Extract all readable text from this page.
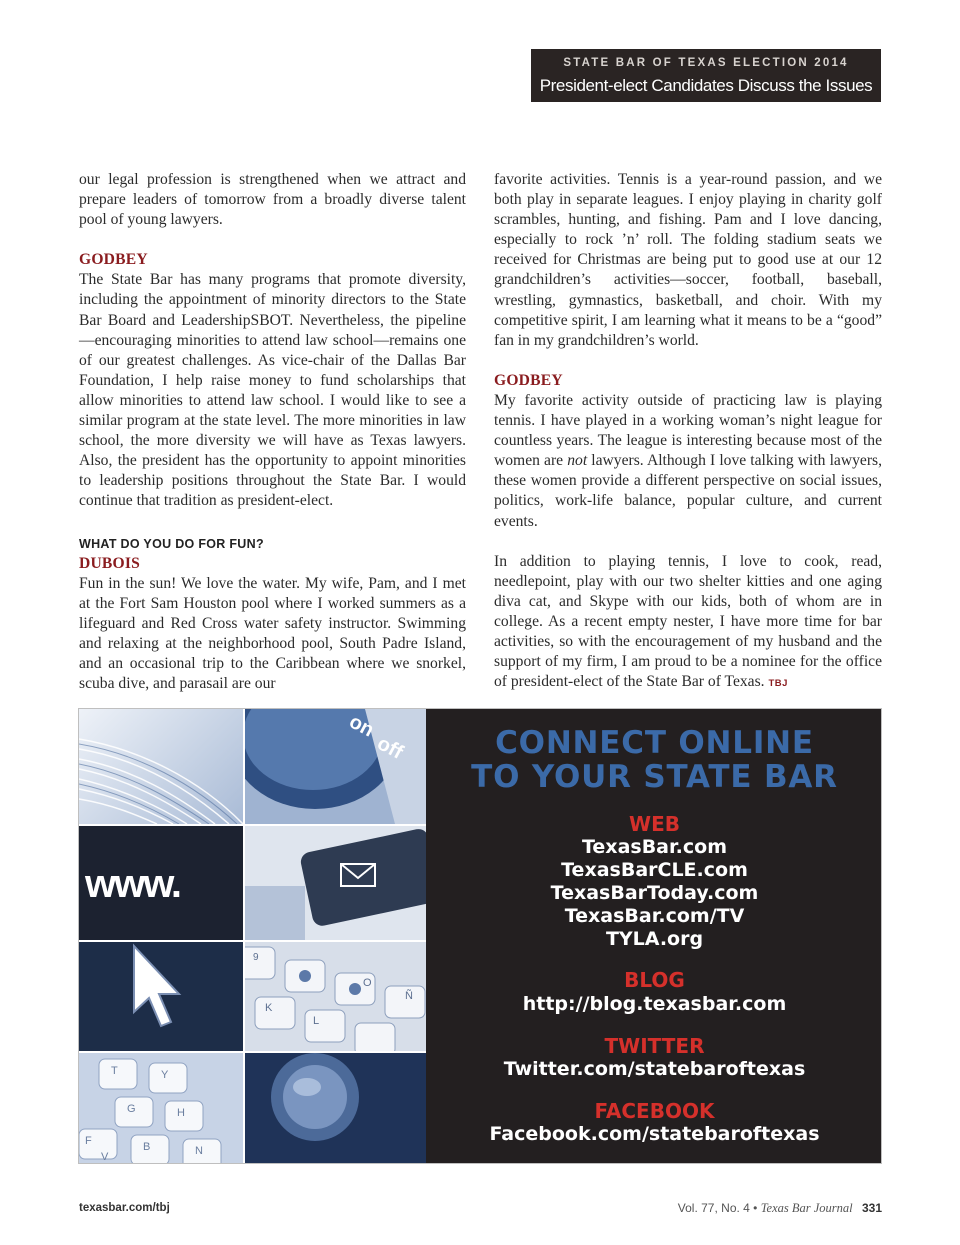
STATE BAR OF TEXAS ELECTION 2014
President-elect Candidates Discuss the Issues

our legal profession is strengthened when we attract and prepare leaders of tomorrow from a broadly diverse talent pool of young lawyers.

GODBEY

The State Bar has many programs that promote diversity, including the appointment of minority directors to the State Bar Board and LeadershipSBOT. Nevertheless, the pipeline—encouraging minorities to attend law school—remains one of our greatest challenges. As vice-chair of the Dallas Bar Foundation, I help raise money to fund scholarships that allow minorities to attend law school. I would like to see a similar program at the state level. The more minorities in law school, the more diversity we will have as Texas lawyers. Also, the president has the opportunity to appoint minorities to leadership positions throughout the State Bar. I would continue that tradition as president-elect.

WHAT DO YOU DO FOR FUN?
DUBOIS

Fun in the sun! We love the water. My wife, Pam, and I met at the Fort Sam Houston pool where I worked summers as a lifeguard and Red Cross water safety instructor. Swimming and relaxing at the neighborhood pool, South Padre Island, and an occasional trip to the Caribbean where we snorkel, scuba dive, and parasail are our

favorite activities. Tennis is a year-round passion, and we both play in separate leagues. I enjoy playing in charity golf scrambles, hunting, and fishing. Pam and I love dancing, especially to rock ’n’ roll. The folding stadium seats we received for Christmas are being put to good use at our 12 grandchildren’s activities—soccer, football, baseball, wrestling, gymnastics, basketball, and choir. With my competitive spirit, I am learning what it means to be a “good” fan in my grandchildren’s world.

GODBEY

My favorite activity outside of practicing law is playing tennis. I have played in a working woman’s night league for countless years. The league is interesting because most of the women are not lawyers. Although I love talking with lawyers, these women provide a different perspective on social issues, politics, work-life balance, popular culture, and current events.

In addition to playing tennis, I love to cook, read, needlepoint, play with our two shelter kitties and one aging diva cat, and Skype with our kids, both of whom are in college. As a recent empty nester, I have more time for bar activities, so with the encouragement of my husband and the support of my firm, I am proud to be a nominee for the office of president-elect of the State Bar of Texas. TBJ

on
off
www.
9
Ñ
O
K
L
T	Y
G	H
B	N
F
V
CONNECT ONLINE
TO YOUR STATE BAR
WEB
TexasBar.com
TexasBarCLE.com
TexasBarToday.com
TexasBar.com/TV
TYLA.org
BLOG
http://blog.texasbar.com
TWITTER
Twitter.com/statebaroftexas
FACEBOOK
Facebook.com/statebaroftexas
texasbar.com/tbj	Vol. 77, No. 4 • Texas Bar Journal 331
